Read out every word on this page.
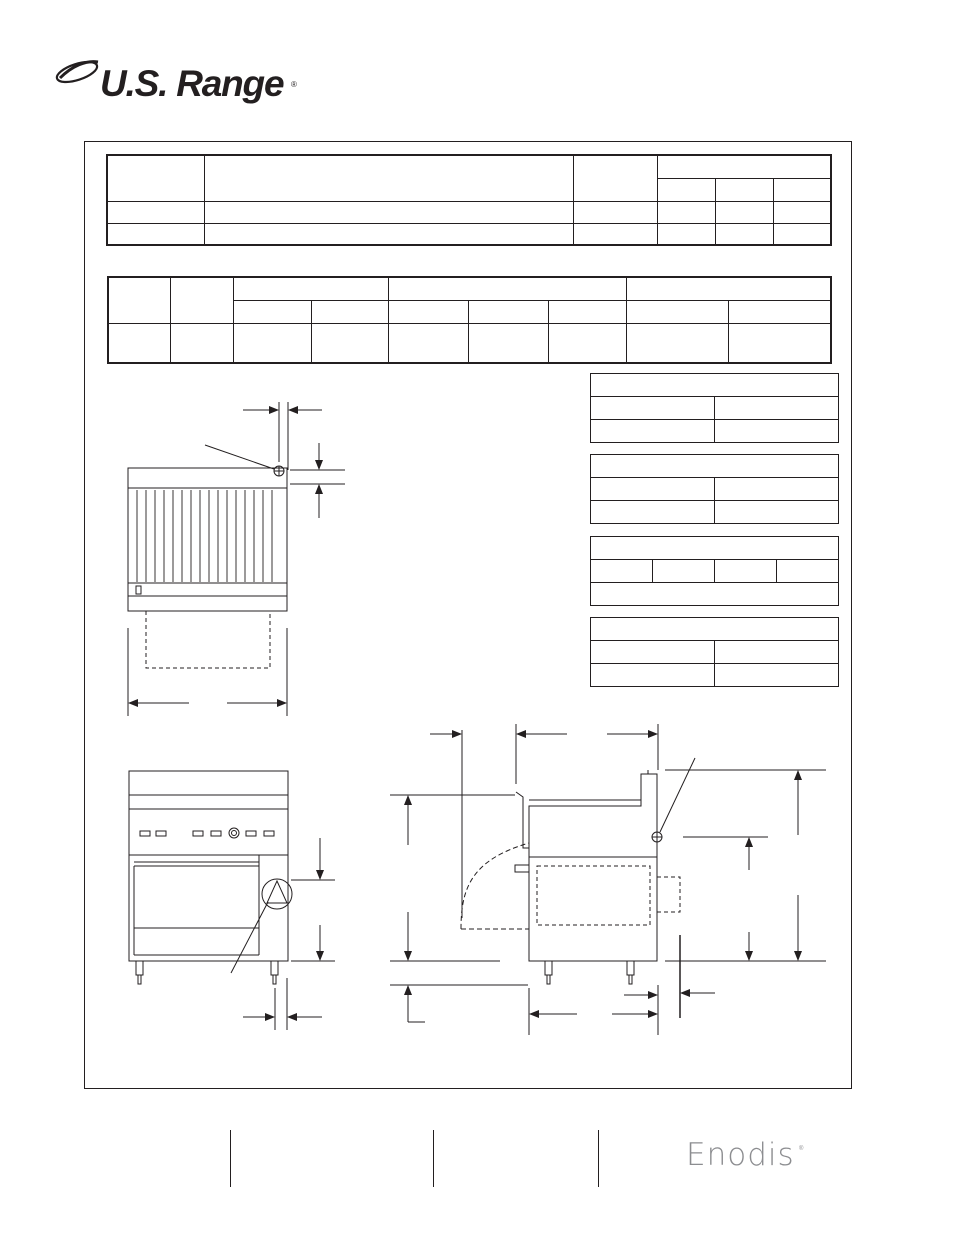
U.S. Range ®

Enodis ®
